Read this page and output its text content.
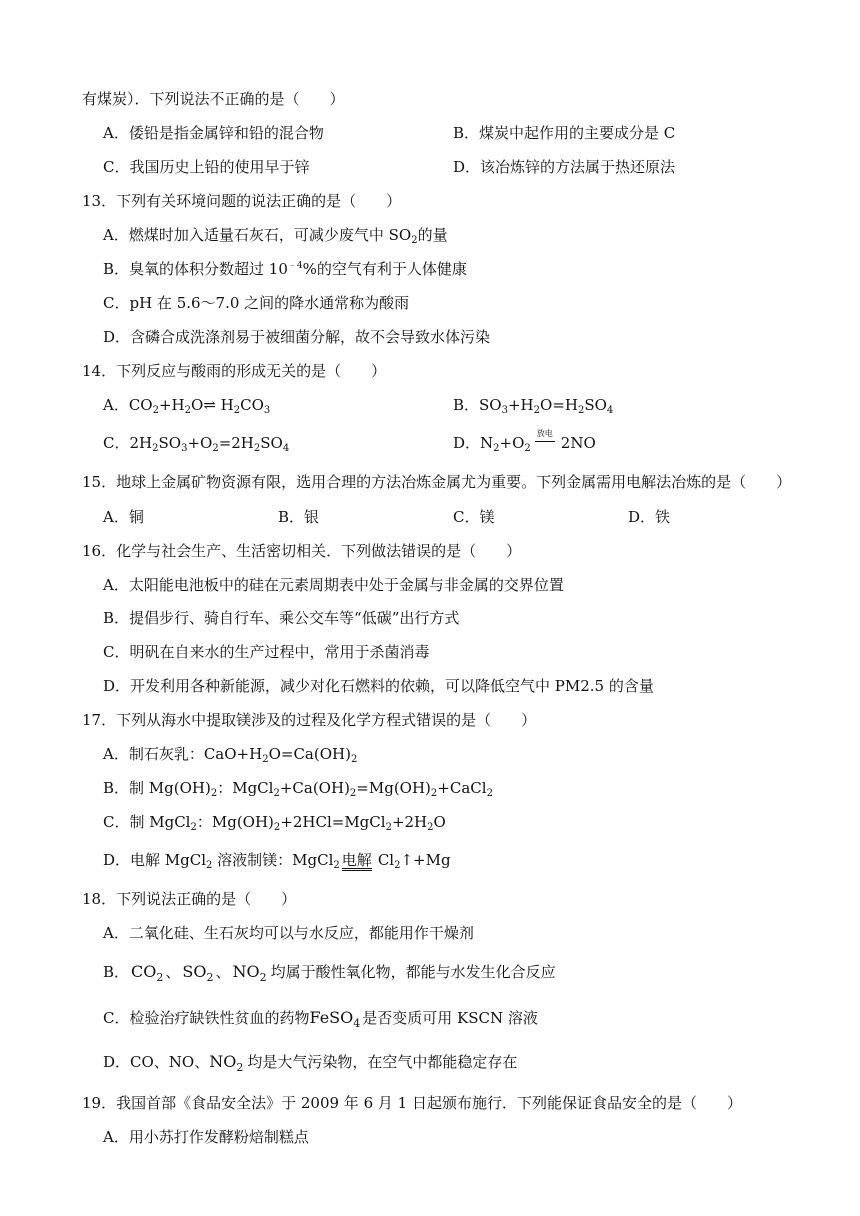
有煤炭）．下列说法不正确的是（　　）
A．倭铅是指金属锌和铅的混合物	B．煤炭中起作用的主要成分是 C
C．我国历史上铅的使用早于锌	D．该冶炼锌的方法属于热还原法
13．下列有关环境问题的说法正确的是（　　）
A．燃煤时加入适量石灰石，可减少废气中 $SO_2$的量
B．臭氧的体积分数超过 $10^{﹣4}\%$的空气有利于人体健康
C．pH 在 5.6～7.0 之间的降水通常称为酸雨
D．含磷合成洗涤剂易于被细菌分解，故不会导致水体污染
14．下列反应与酸雨的形成无关的是（　　）
A．$CO_2+H_2O\rightleftharpoons$ $H_2CO_3$	B．$SO_3+H_2O=H_2SO_4$
C．$2H_2SO_3+O_2=2H_2SO_4$	D．$N_2+O_2$
放电
2NO
15．地球上金属矿物资源有限，选用合理的方法冶炼金属尤为重要。下列金属需用电解法冶炼的是（　　）
A．铜	B．银	C．镁	D．铁
16．化学与社会生产、生活密切相关．下列做法错误的是（　　）
A．太阳能电池板中的硅在元素周期表中处于金属与非金属的交界位置
B．提倡步行、骑自行车、乘公交车等“低碳”出行方式
C．明矾在自来水的生产过程中，常用于杀菌消毒
D．开发利用各种新能源，减少对化石燃料的依赖，可以降低空气中 PM2.5 的含量
17．下列从海水中提取镁涉及的过程及化学方程式错误的是（　　）
A．制石灰乳：$CaO+H_2O=Ca(OH)_2$
B．制 $Mg(OH)_2$：$MgCl_2+Ca(OH)_2=Mg(OH)_2+CaCl_2$
C．制 MgCl$_2$：$Mg(OH)_2+2HCl=MgCl_2+2H_2O$
D．电解 MgCl$_2$ 溶液制镁：MgCl$_2$ 电解 $Cl_2↑+Mg$
18．下列说法正确的是（　　）
A．二氧化硅、生石灰均可以与水反应，都能用作干燥剂
B． $CO_2$ 、 $SO_2$ 、 $NO_2$ 均属于酸性氧化物，都能与水发生化合反应
C．检验治疗缺铁性贫血的药物FeSO$_4$ 是否变质可用 KSCN 溶液
D．CO、NO、$NO_2$ 均是大气污染物，在空气中都能稳定存在
19．我国首部《食品安全法》于 2009 年 6 月 1 日起颁布施行．下列能保证食品安全的是（　　）
A．用小苏打作发酵粉焙制糕点
